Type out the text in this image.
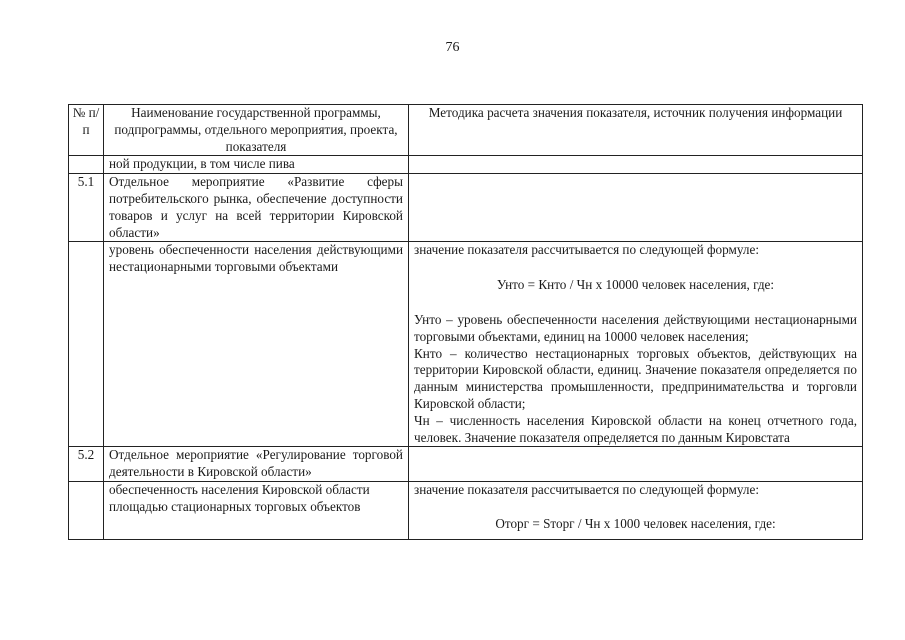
76
№ п/п	Наименование государственной программы, подпрограммы, отдельного мероприятия, проекта, показателя	Методика расчета значения показателя, источник получения информации
	ной продукции, в том числе пива	
5.1	Отдельное мероприятие «Развитие сферы потребительского рынка, обеспечение доступности товаров и услуг на всей территории Кировской области»	
	уровень обеспеченности населения действующими нестационарными торговыми объектами	значение показателя рассчитывается по следующей формуле:
Унто = Кнто / Чн х 10000 человек населения, где:
Унто – уровень обеспеченности населения действующими нестационарными торговыми объектами, единиц на 10000 человек населения;
Кнто – количество нестационарных торговых объектов, действующих на территории Кировской области, единиц. Значение показателя определяется по данным министерства промышленности, предпринимательства и торговли Кировской области;
Чн – численность населения Кировской области на конец отчетного года, человек. Значение показателя определяется по данным Кировстата

5.2	Отдельное мероприятие «Регулирование торговой деятельности в Кировской области»	
	обеспеченность населения Кировской области площадью стационарных торговых объектов	значение показателя рассчитывается по следующей формуле:
Оторг = Sторг / Чн х 1000 человек населения, где:
